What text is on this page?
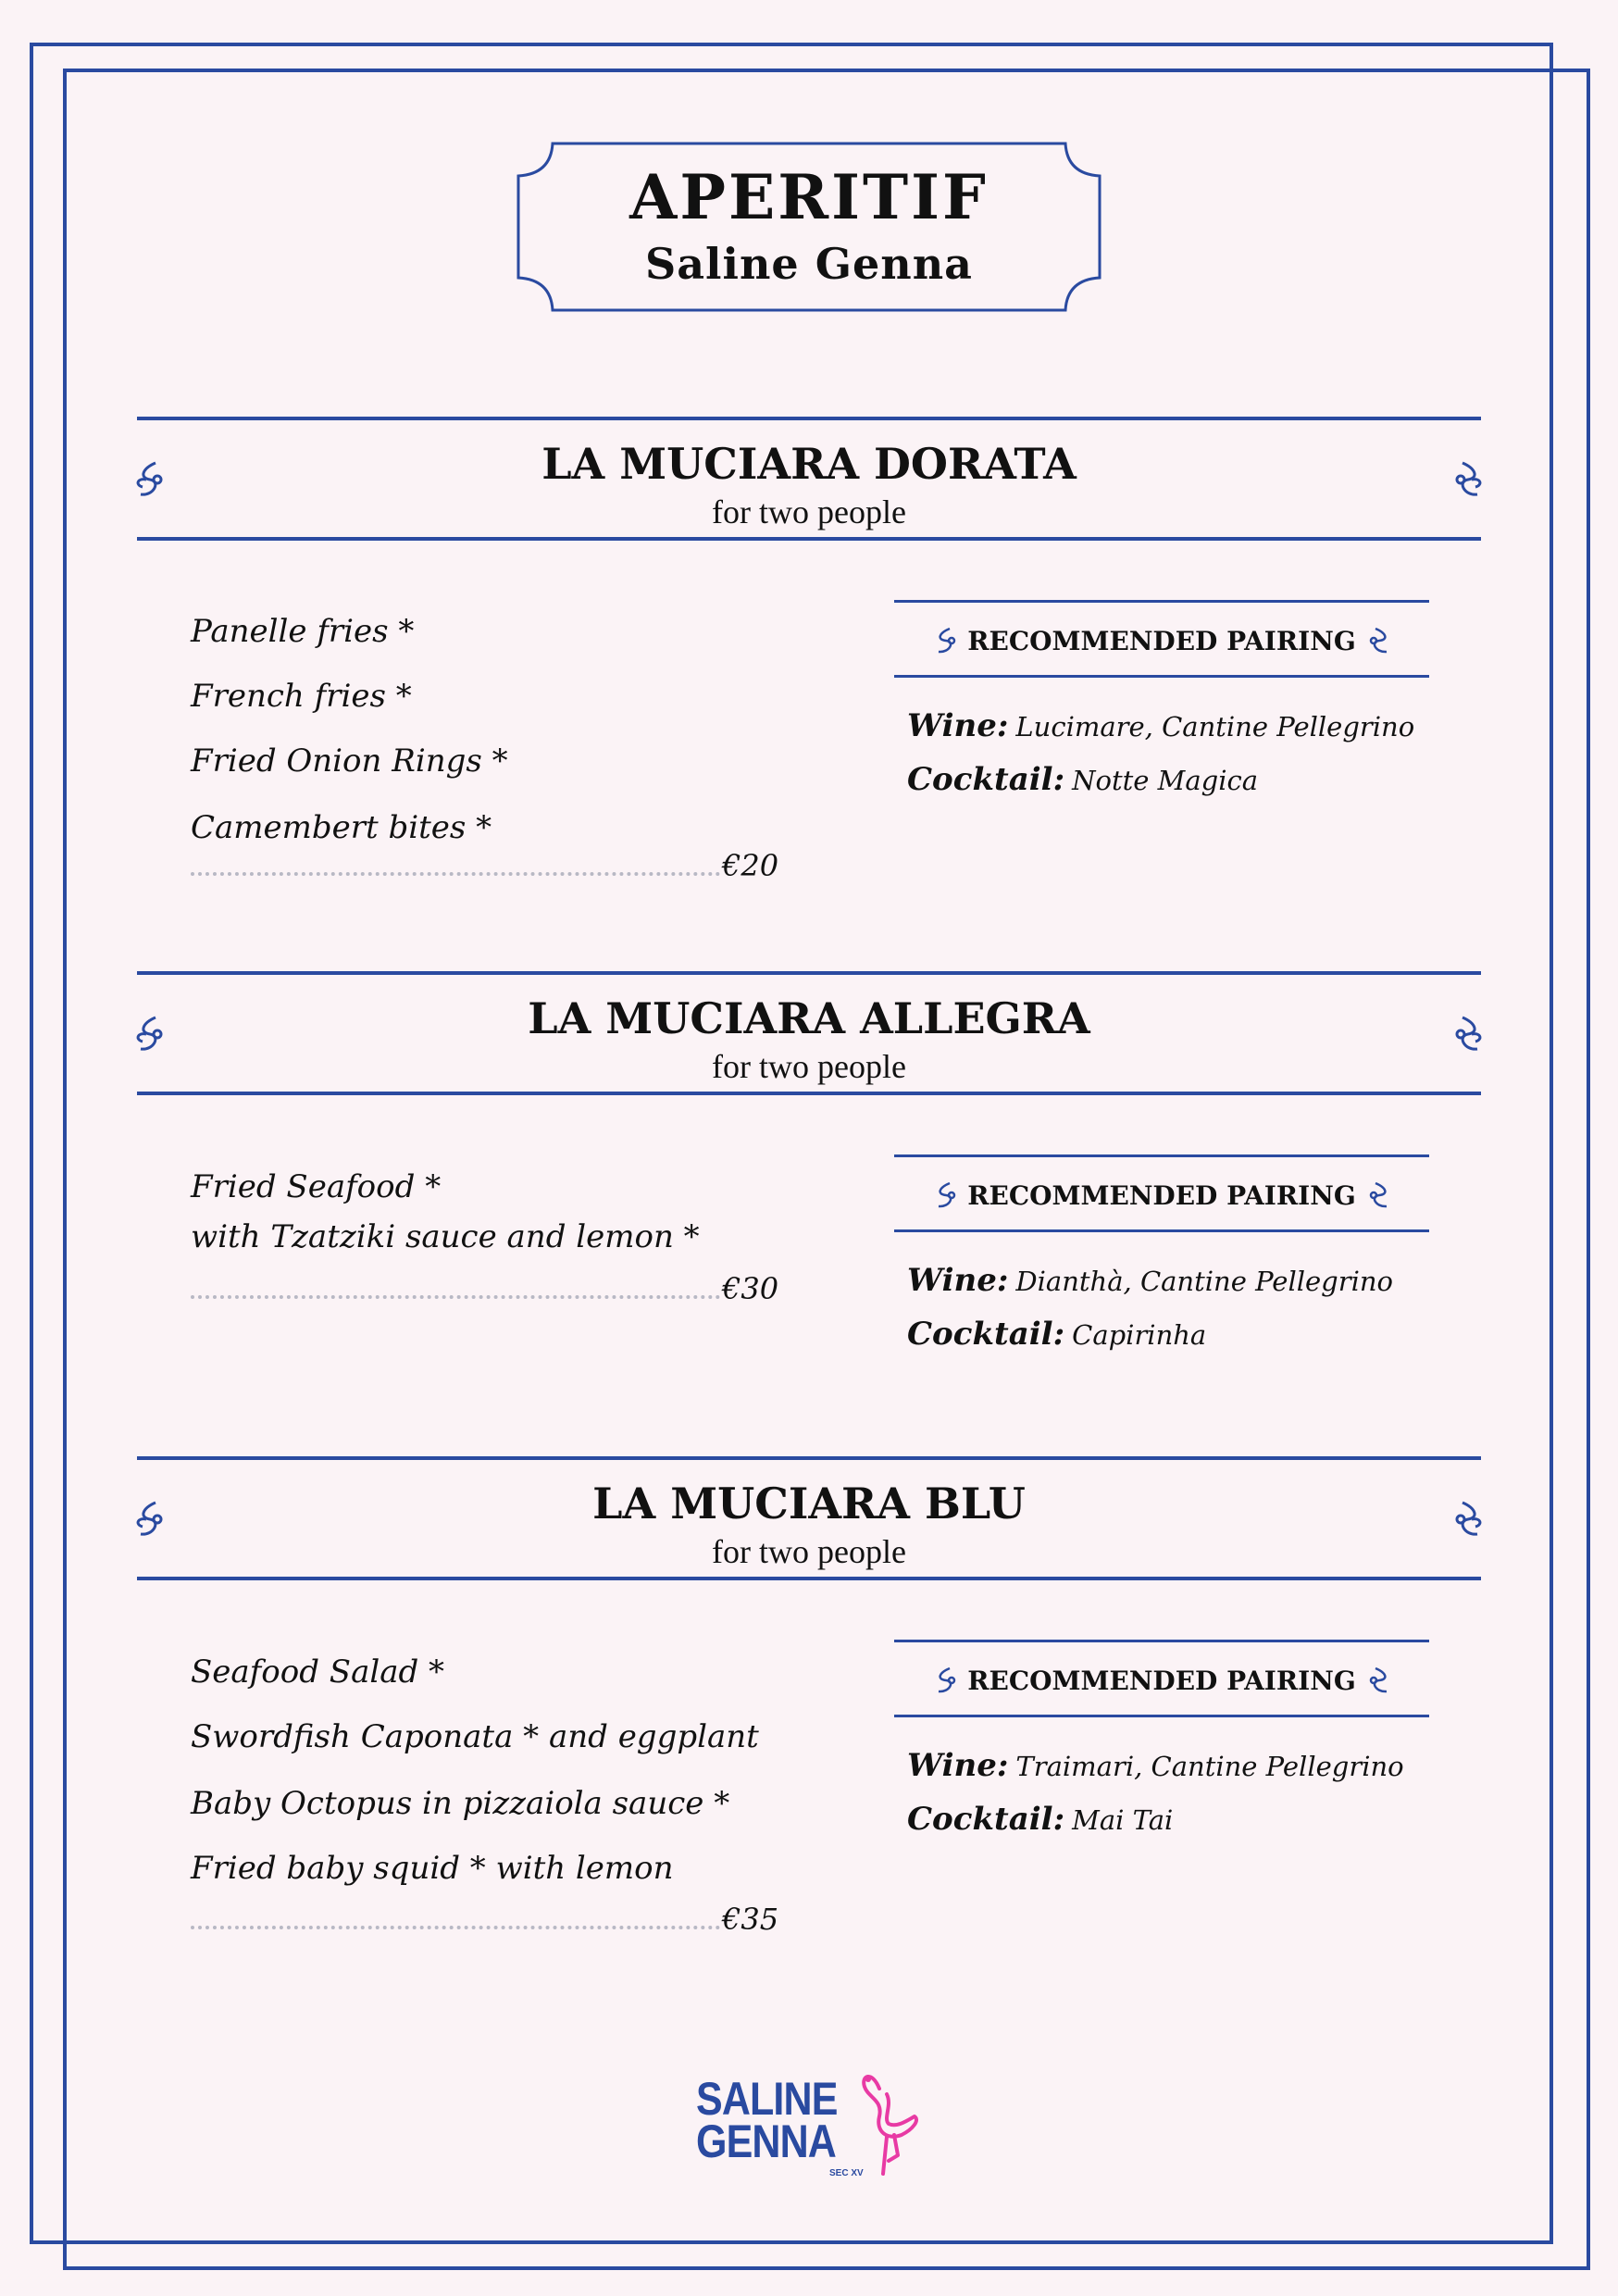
APERITIF
Saline Genna
LA MUCIARA DORATA
for two people
Panelle fries *
French fries *
Fried Onion Rings *
Camembert bites *
€20
RECOMMENDED PAIRING
Wine: Lucimare, Cantine Pellegrino
Cocktail: Notte Magica
LA MUCIARA ALLEGRA
for two people
Fried Seafood *
with Tzatziki sauce and lemon *
€30
RECOMMENDED PAIRING
Wine: Dianthà, Cantine Pellegrino
Cocktail: Capirinha
LA MUCIARA BLU
for two people
Seafood Salad *
Swordfish Caponata * and eggplant
Baby Octopus in pizzaiola sauce *
Fried baby squid * with lemon
€35
RECOMMENDED PAIRING
Wine: Traimari, Cantine Pellegrino
Cocktail: Mai Tai
SALINE
GENNA
SEC XV
